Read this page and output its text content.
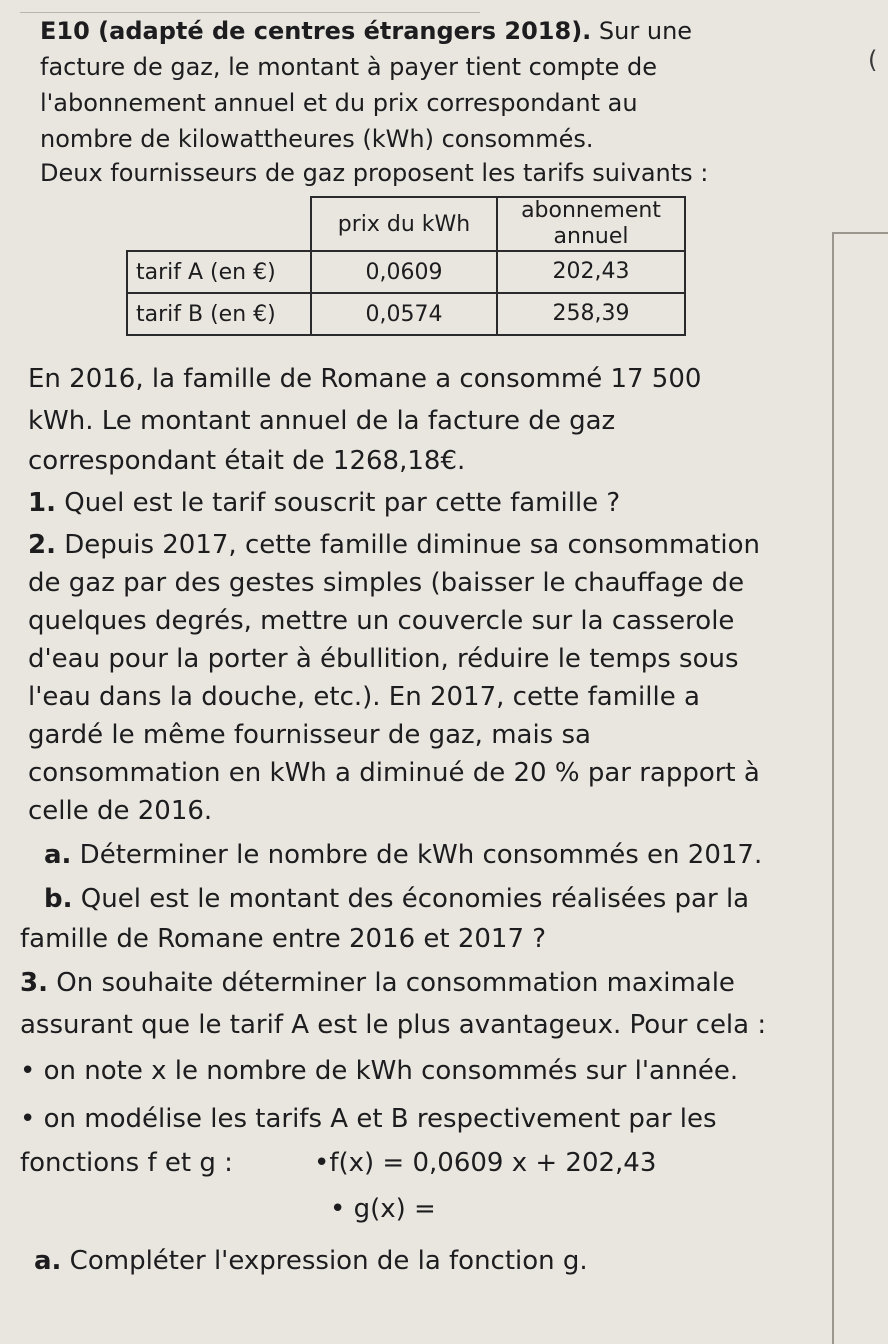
(
E10 (adapté de centres étrangers 2018). Sur une
facture de gaz, le montant à payer tient compte de
l'abonnement annuel et du prix correspondant au
nombre de kilowattheures (kWh) consommés.
Deux fournisseurs de gaz proposent les tarifs suivants :
	prix du kWh	abonnement annuel
tarif A (en €)	0,0609	202,43
tarif B (en €)	0,0574	258,39
En 2016, la famille de Romane a consommé 17 500
kWh. Le montant annuel de la facture de gaz
correspondant était de 1268,18€.
1. Quel est le tarif souscrit par cette famille ?
2. Depuis 2017, cette famille diminue sa consommation
de gaz par des gestes simples (baisser le chauffage de
quelques degrés, mettre un couvercle sur la casserole
d'eau pour la porter à ébullition, réduire le temps sous
l'eau dans la douche, etc.). En 2017, cette famille a
gardé le même fournisseur de gaz, mais sa
consommation en kWh a diminué de 20 % par rapport à
celle de 2016.
a. Déterminer le nombre de kWh consommés en 2017.
b. Quel est le montant des économies réalisées par la
famille de Romane entre 2016 et 2017 ?
3. On souhaite déterminer la consommation maximale
assurant que le tarif A est le plus avantageux. Pour cela :
• on note x le nombre de kWh consommés sur l'année.
• on modélise les tarifs A et B respectivement par les
fonctions f et g :	•f(x) = 0,0609 x + 202,43
• g(x) =
a. Compléter l'expression de la fonction g.
